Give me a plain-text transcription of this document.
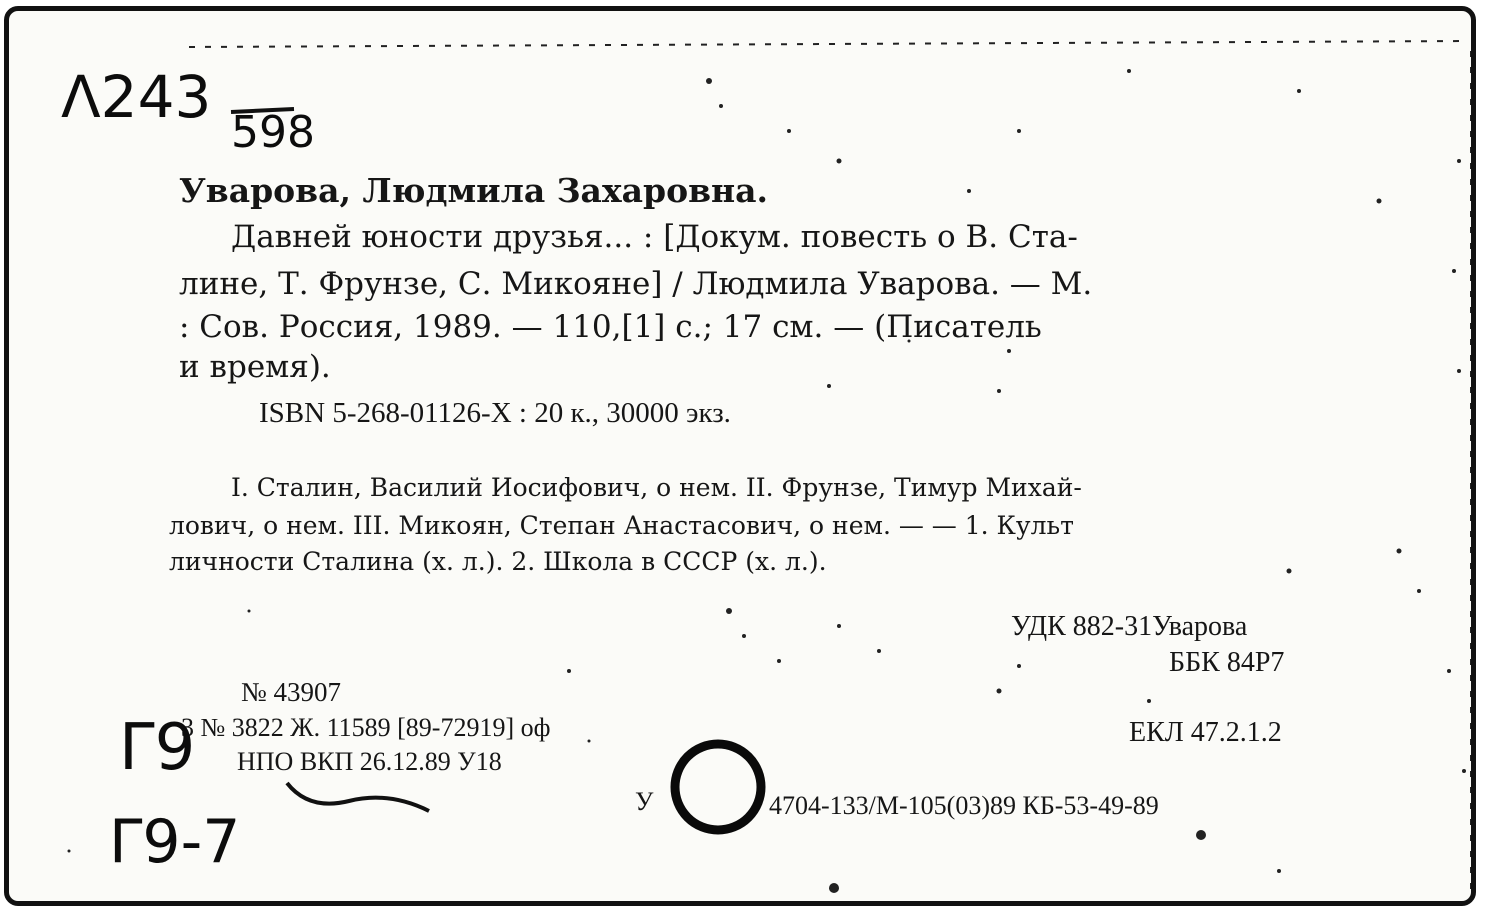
Λ243
598
Уварова, Людмила Захаровна.
Давней юности друзья... : [Докум. повесть о В. Ста-
лине, Т. Фрунзе, С. Микояне] / Людмила Уварова. — М.
: Сов. Россия, 1989. — 110,[1] с.; 17 см. — (Писатель
и время).
ISBN 5-268-01126-X : 20 к., 30000 экз.
I. Сталин, Василий Иосифович, о нем. II. Фрунзе, Тимур Михай-
лович, о нем. III. Микоян, Степан Анастасович, о нем. — — 1. Культ
личности Сталина (х. л.). 2. Школа в СССР (х. л.).
УДК 882-31Уварова
ББК 84Р7
№ 43907
3 № 3822 Ж. 11589 [89-72919] оф
НПО ВКП 26.12.89 У18
ЕКЛ 47.2.1.2
У	4704-133/М-105(03)89 КБ-53-49-89
Γ9
Γ9-7
